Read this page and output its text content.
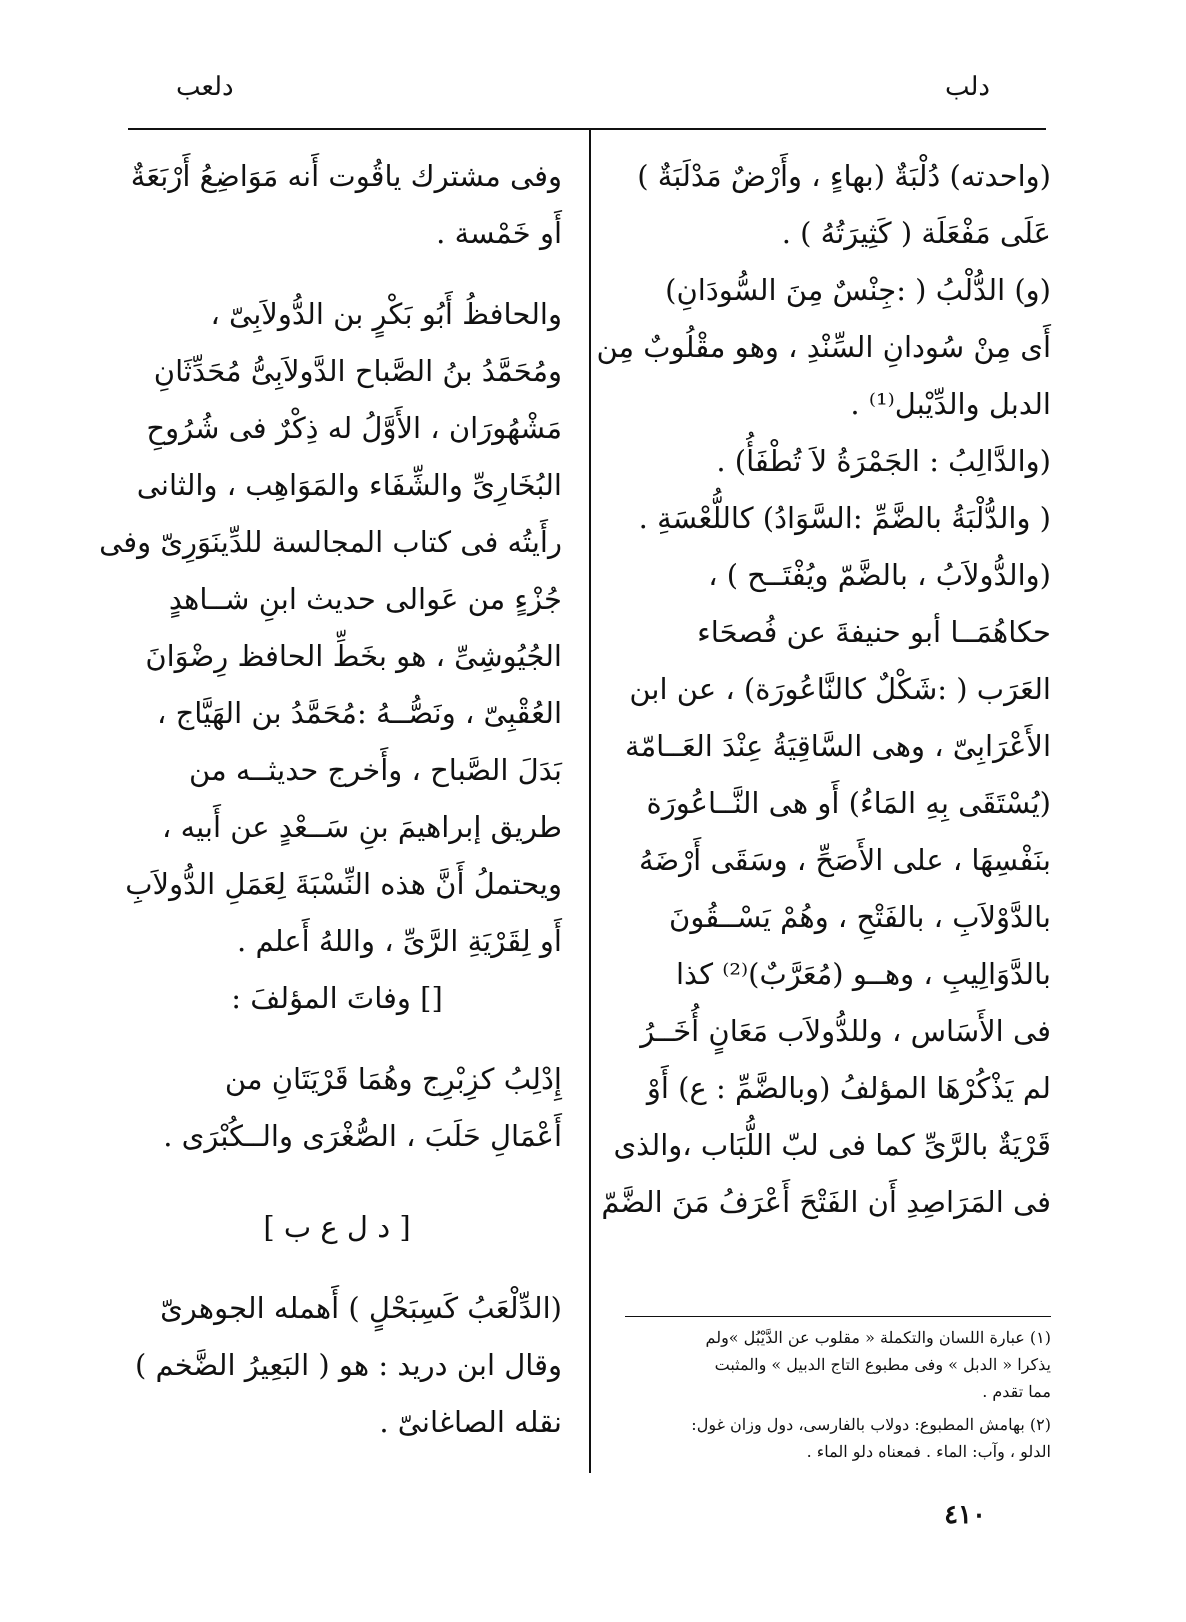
دلب
دلعب

(واحدته) دُلْبَةٌ (بهاءٍ ، وأَرْضٌ مَدْلَبَةٌ )
عَلَى مَفْعَلَة ( كَثِيرَتُهُ ) .

(و) الدُّلْبُ ( :جِنْسٌ مِنَ السُّودَانِ)
أَى مِنْ سُودانِ السِّنْدِ ، وهو مقْلُوبٌ مِن
الدبل والدِّيْبل⁽¹⁾ .

(والدَّالِبُ : الجَمْرَةُ لاَ تُطْفَأُ) .

( والدُّلْبَةُ بالضَّمِّ :السَّوَادُ) كاللُّعْسَةِ .

(والدُّولاَبُ ، بالضَّمّ ويُفْتَــح ) ،
حكاهُمَــا أبو حنيفةَ عن فُصحَاء
العَرَب ( :شَكْلٌ كالنَّاعُورَة) ، عن ابن
الأَعْرَابِىّ ، وهى السَّاقِيَةُ عِنْدَ العَــامّة
(يُسْتَقَى بِهِ المَاءُ) أَو هى النَّــاعُورَة
بنَفْسِهَا ، على الأَصَحِّ ، وسَقَى أَرْضَهُ
بالدَّوْلاَبِ ، بالفَتْحِ ، وهُمْ يَسْــقُونَ
بالدَّوَالِيبِ ، وهــو (مُعَرَّبٌ)⁽²⁾ كذا
فى الأَسَاس ، وللدُّولاَب مَعَانٍ أُخَــرُ
لم يَذْكُرْهَا المؤلفُ (وبالضَّمِّ : ع) أَوْ
قَرْيَةٌ بالرَّىِّ كما فى لبّ اللُّبَاب ،والذى
فى المَرَاصِدِ أَن الفَتْحَ أَعْرَفُ مَنَ الضَّمّ

وفى مشترك ياقُوت أَنه مَوَاضِعُ أَرْبَعَةٌ
أَو خَمْسة .

والحافظُ أَبُو بَكْرٍ بن الدُّولاَبِىّ ،
ومُحَمَّدُ بنُ الصَّباح الدَّولاَبِىُّ مُحَدِّثَانِ
مَشْهُورَان ، الأَوَّلُ له ذِكْرٌ فى شُرُوحِ
البُخَارِىِّ والشِّفَاء والمَوَاهِب ، والثانى
رأَيتُه فى كتاب المجالسة للدِّينَوَرِىّ وفى
جُزْءٍ من عَوالى حديث ابنِ شــاهدٍ
الجُيُوشِىِّ ، هو بخَطِّ الحافظ رِضْوَانَ
العُقْبِىّ ، ونَصُّــهُ :مُحَمَّدُ بن الهَيَّاج ،
بَدَلَ الصَّباح ، وأَخرج حديثــه من
طريق إبراهيمَ بنِ سَــعْدٍ عن أَبيه ،
ويحتملُ أَنَّ هذه النِّسْبَةَ لِعَمَلِ الدُّولاَبِ
أَو لِقَرْيَةِ الرَّىِّ ، واللهُ أَعلم .

[] وفاتَ المؤلفَ :

إِدْلِبُ كزِبْرِج وهُمَا قَرْيَتَانِ من
أَعْمَالِ حَلَبَ ، الصُّغْرَى والــكُبْرَى .

[ د ل ع ب ]

(الدِّلْعَبُ كَسِبَحْلٍ ) أَهمله الجوهرىّ
وقال ابن دريد : هو ( البَعِيرُ الضَّخم )
نقله الصاغانىّ .

(١) عبارة اللسان والتكملة « مقلوب عن الدَّيْبُل »ولم

يذكرا « الدبل » وفى مطبوع التاج الدبيل » والمثبت

مما تقدم .

(٢) بهامش المطبوع: دولاب بالفارسى، دول وزان غول:

الدلو ، وآب: الماء . فمعناه دلو الماء .

٤١٠
